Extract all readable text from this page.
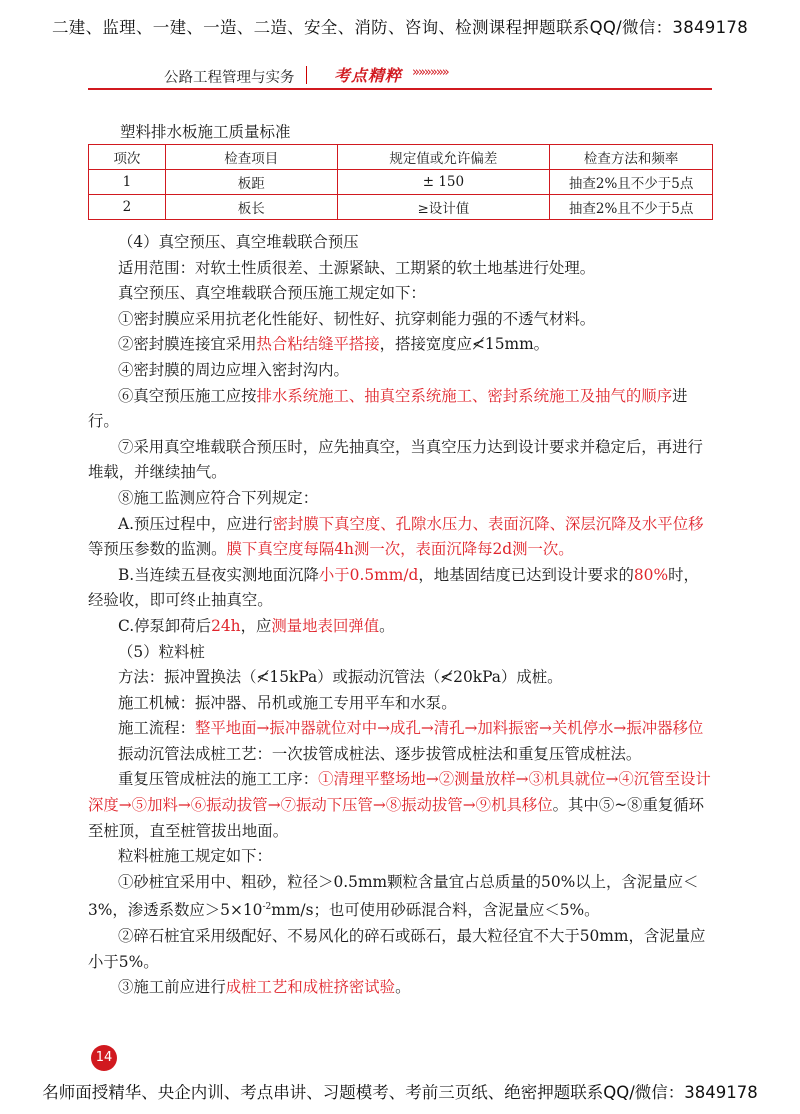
二建、监理、一建、一造、二造、安全、消防、咨询、检测课程押题联系QQ/微信：3849178
公路工程管理与实务 考点精粹 »»»»»»
塑料排水板施工质量标准
项次	检查项目	规定值或允许偏差	检查方法和频率
1	板距	± 150	抽查2%且不少于5点
2	板长	≥设计值	抽查2%且不少于5点

（4）真空预压、真空堆载联合预压

适用范围：对软土性质很差、土源紧缺、工期紧的软土地基进行处理。

真空预压、真空堆载联合预压施工规定如下：

①密封膜应采用抗老化性能好、韧性好、抗穿刺能力强的不透气材料。

②密封膜连接宜采用热合粘结缝平搭接，搭接宽度应≮15mm。

④密封膜的周边应埋入密封沟内。

⑥真空预压施工应按排水系统施工、抽真空系统施工、密封系统施工及抽气的顺序进行。

⑦采用真空堆载联合预压时，应先抽真空，当真空压力达到设计要求并稳定后，再进行堆载，并继续抽气。

⑧施工监测应符合下列规定：

A.预压过程中，应进行密封膜下真空度、孔隙水压力、表面沉降、深层沉降及水平位移等预压参数的监测。膜下真空度每隔4h测一次，表面沉降每2d测一次。

B.当连续五昼夜实测地面沉降小于0.5mm/d，地基固结度已达到设计要求的80%时，经验收，即可终止抽真空。

C.停泵卸荷后24h，应测量地表回弹值。

（5）粒料桩

方法：振冲置换法（≮15kPa）或振动沉管法（≮20kPa）成桩。

施工机械：振冲器、吊机或施工专用平车和水泵。

施工流程：整平地面→振冲器就位对中→成孔→清孔→加料振密→关机停水→振冲器移位

振动沉管法成桩工艺：一次拔管成桩法、逐步拔管成桩法和重复压管成桩法。

重复压管成桩法的施工工序：①清理平整场地→②测量放样→③机具就位→④沉管至设计深度→⑤加料→⑥振动拔管→⑦振动下压管→⑧振动拔管→⑨机具移位。其中⑤~⑧重复循环至桩顶，直至桩管拔出地面。

粒料桩施工规定如下：

①砂桩宜采用中、粗砂，粒径＞0.5mm颗粒含量宜占总质量的50%以上，含泥量应＜3%，渗透系数应$>5\times 10^{-2}mm/s$；也可使用砂砾混合料，含泥量应＜5%。

②碎石桩宜采用级配好、不易风化的碎石或砾石，最大粒径宜不大于50mm，含泥量应小于5%。

③施工前应进行成桩工艺和成桩挤密试验。

14
名师面授精华、央企内训、考点串讲、习题模考、考前三页纸、绝密押题联系QQ/微信：3849178
